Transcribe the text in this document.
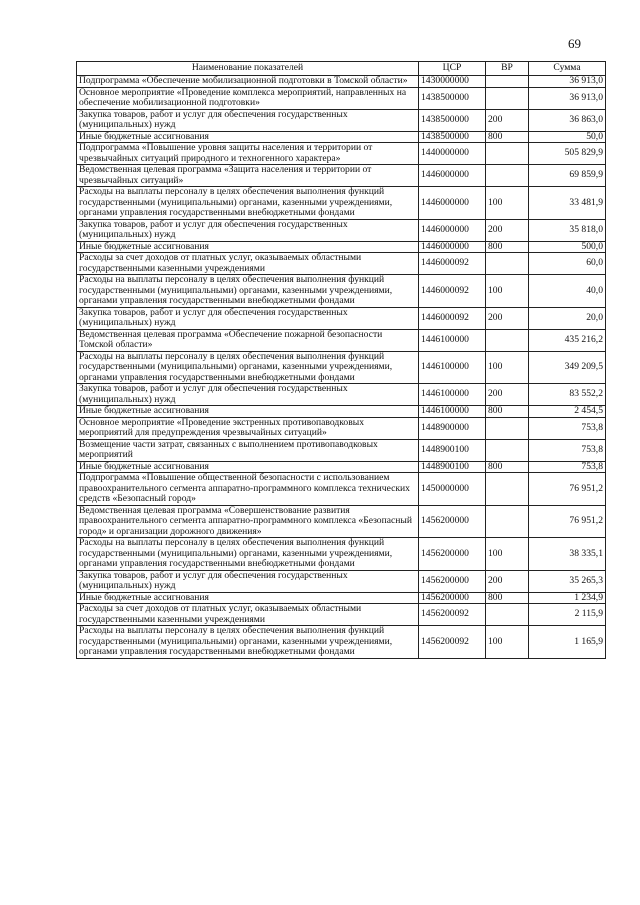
69
Наименование показателей	ЦСР	ВР	Сумма
Подпрограмма «Обеспечение мобилизационной подготовки в Томской области»	1430000000		36 913,0
Основное мероприятие «Проведение комплекса мероприятий, направленных на обеспечение мобилизационной подготовки»	1438500000		36 913,0
Закупка товаров, работ и услуг для обеспечения государственных (муниципальных) нужд	1438500000	200	36 863,0
Иные бюджетные ассигнования	1438500000	800	50,0
Подпрограмма «Повышение уровня защиты населения и территории от чрезвычайных ситуаций природного и техногенного характера»	1440000000		505 829,9
Ведомственная целевая программа «Защита населения и территории от чрезвычайных ситуаций»	1446000000		69 859,9
Расходы на выплаты персоналу в целях обеспечения выполнения функций государственными (муниципальными) органами, казенными учреждениями, органами управления государственными внебюджетными фондами	1446000000	100	33 481,9
Закупка товаров, работ и услуг для обеспечения государственных (муниципальных) нужд	1446000000	200	35 818,0
Иные бюджетные ассигнования	1446000000	800	500,0
Расходы за счет доходов от платных услуг, оказываемых областными государственными казенными учреждениями	1446000092		60,0
Расходы на выплаты персоналу в целях обеспечения выполнения функций государственными (муниципальными) органами, казенными учреждениями, органами управления государственными внебюджетными фондами	1446000092	100	40,0
Закупка товаров, работ и услуг для обеспечения государственных (муниципальных) нужд	1446000092	200	20,0
Ведомственная целевая программа «Обеспечение пожарной безопасности Томской области»	1446100000		435 216,2
Расходы на выплаты персоналу в целях обеспечения выполнения функций государственными (муниципальными) органами, казенными учреждениями, органами управления государственными внебюджетными фондами	1446100000	100	349 209,5
Закупка товаров, работ и услуг для обеспечения государственных (муниципальных) нужд	1446100000	200	83 552,2
Иные бюджетные ассигнования	1446100000	800	2 454,5
Основное мероприятие «Проведение экстренных противопаводковых мероприятий для предупреждения чрезвычайных ситуаций»	1448900000		753,8
Возмещение части затрат, связанных с выполнением противопаводковых мероприятий	1448900100		753,8
Иные бюджетные ассигнования	1448900100	800	753,8
Подпрограмма «Повышение общественной безопасности с использованием правоохранительного сегмента аппаратно-программного комплекса технических средств «Безопасный город»	1450000000		76 951,2
Ведомственная целевая программа «Совершенствование развития правоохранительного сегмента аппаратно-программного комплекса «Безопасный город» и организации дорожного движения»	1456200000		76 951,2
Расходы на выплаты персоналу в целях обеспечения выполнения функций государственными (муниципальными) органами, казенными учреждениями, органами управления государственными внебюджетными фондами	1456200000	100	38 335,1
Закупка товаров, работ и услуг для обеспечения государственных (муниципальных) нужд	1456200000	200	35 265,3
Иные бюджетные ассигнования	1456200000	800	1 234,9
Расходы за счет доходов от платных услуг, оказываемых областными государственными казенными учреждениями	1456200092		2 115,9
Расходы на выплаты персоналу в целях обеспечения выполнения функций государственными (муниципальными) органами, казенными учреждениями, органами управления государственными внебюджетными фондами	1456200092	100	1 165,9
